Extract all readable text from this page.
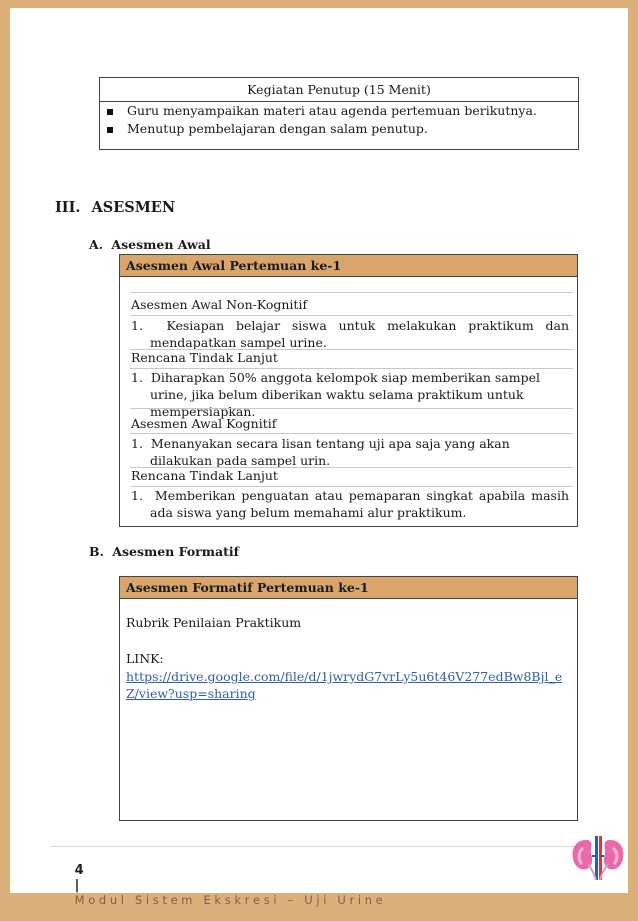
Kegiatan Penutup (15 Menit)
Guru menyampaikan materi atau agenda pertemuan berikutnya.
Menutup pembelajaran dengan salam penutup.
III. ASESMEN
A. Asesmen Awal
Asesmen Awal Pertemuan ke-1
Asesmen Awal Non-Kognitif
1. Kesiapan belajar siswa untuk melakukan praktikum dan mendapatkan sampel urine.
Rencana Tindak Lanjut
1. Diharapkan 50% anggota kelompok siap memberikan sampel urine, jika belum diberikan waktu selama praktikum untuk mempersiapkan.
Asesmen Awal Kognitif
1. Menanyakan secara lisan tentang uji apa saja yang akan dilakukan pada sampel urin.
Rencana Tindak Lanjut
1. Memberikan penguatan atau pemaparan singkat apabila masih ada siswa yang belum memahami alur praktikum.
B. Asesmen Formatif
Asesmen Formatif Pertemuan ke-1
Rubrik Penilaian Praktikum
LINK:
https://drive.google.com/file/d/1jwrydG7vrLy5u6t46V277edBw8Bjl_eZ/view?usp=sharing

4
|
M o d u l   S i s t e m   E k s k r e s i   –   U j i   U r i n e
